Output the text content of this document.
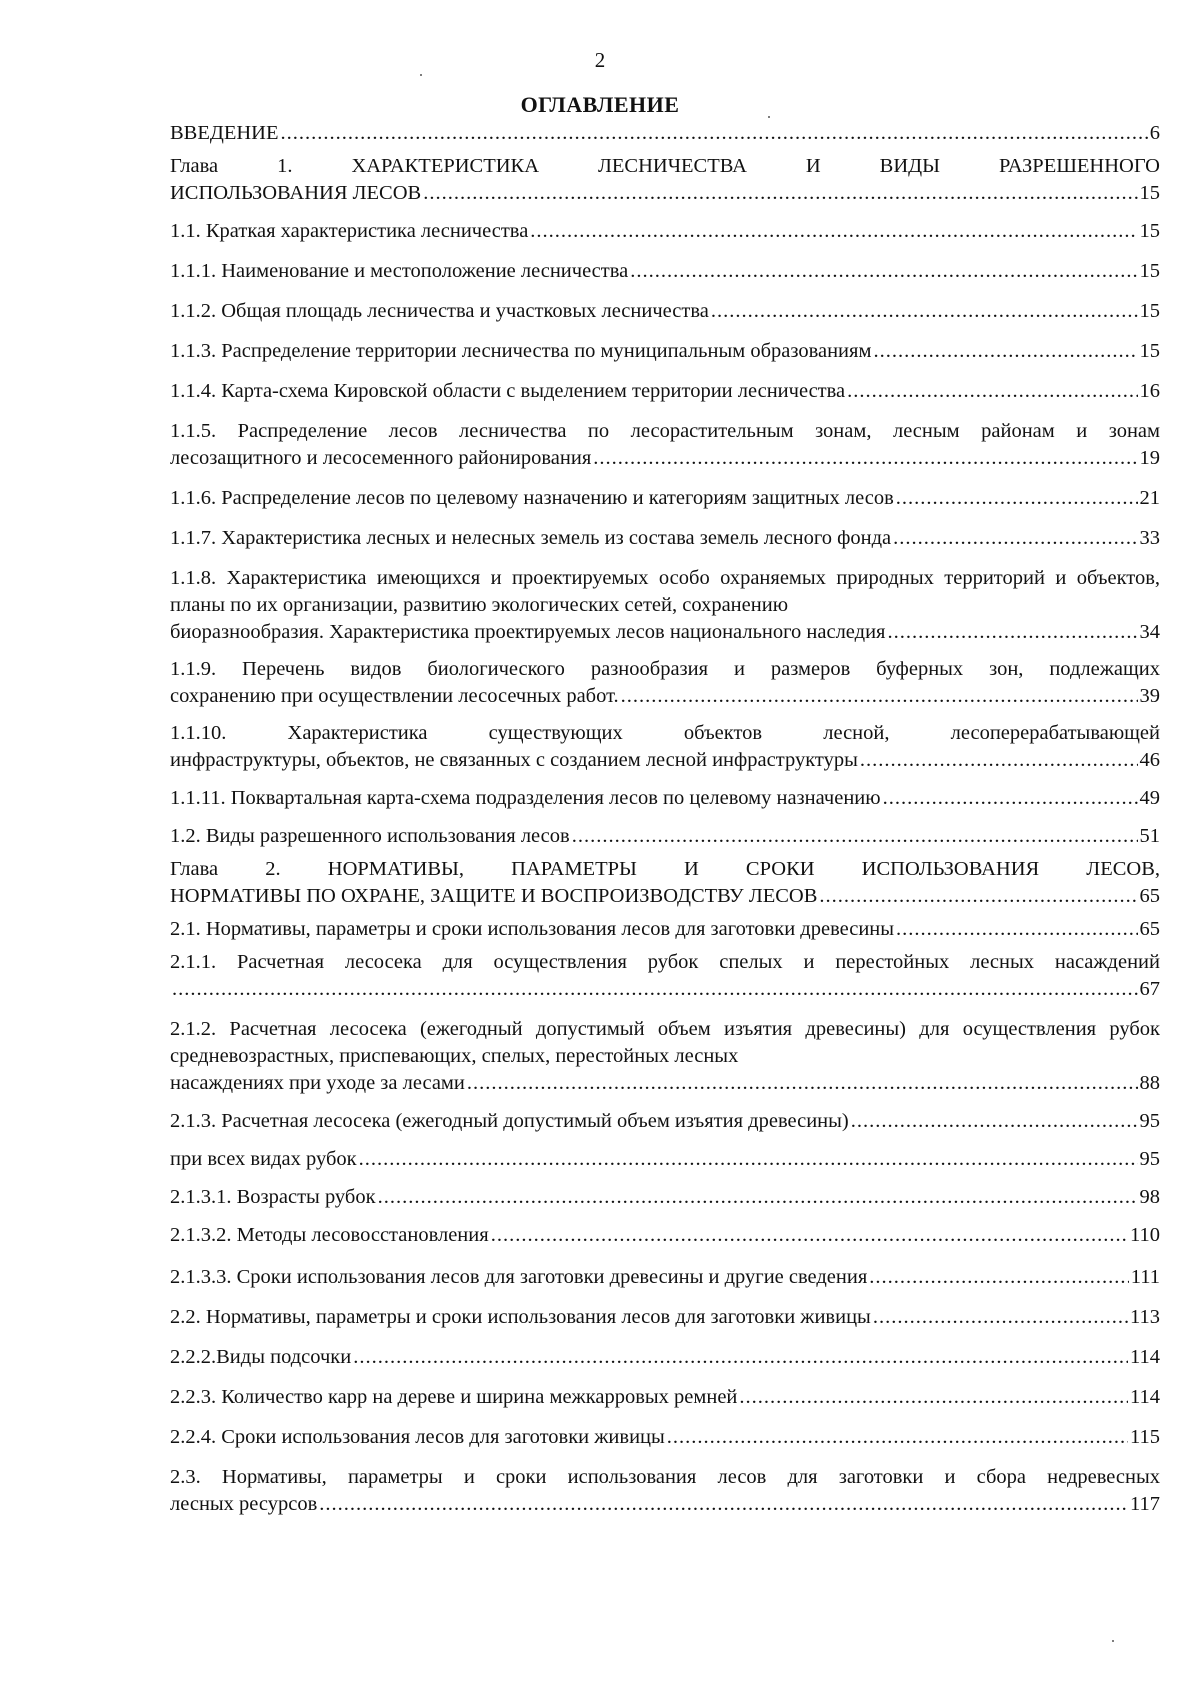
2
ОГЛАВЛЕНИЕ
ВВЕДЕНИЕ .....	6
Глава 1. ХАРАКТЕРИСТИКА ЛЕСНИЧЕСТВА И ВИДЫ РАЗРЕШЕННОГО
ИСПОЛЬЗОВАНИЯ ЛЕСОВ .....	15
1.1. Краткая характеристика лесничества .....	15
1.1.1. Наименование и местоположение лесничества .....	15
1.1.2. Общая площадь лесничества и участковых лесничества .....	15
1.1.3. Распределение территории лесничества по муниципальным образованиям .....	15
1.1.4. Карта-схема Кировской области с выделением территории лесничества .....	16
1.1.5. Распределение лесов лесничества по лесорастительным зонам, лесным районам и зонам
лесозащитного и лесосеменного районирования .....	19
1.1.6. Распределение лесов по целевому назначению и категориям защитных лесов .....	21
1.1.7. Характеристика лесных и нелесных земель из состава земель лесного фонда .....	33
1.1.8. Характеристика имеющихся и проектируемых особо охраняемых природных территорий и объектов, планы по их организации, развитию экологических сетей, сохранению
биоразнообразия. Характеристика проектируемых лесов национального наследия .....	34
1.1.9. Перечень видов биологического разнообразия и размеров буферных зон, подлежащих
сохранению при осуществлении лесосечных работ. .....	39
1.1.10. Характеристика существующих объектов лесной, лесоперерабатывающей
инфраструктуры, объектов, не связанных с созданием лесной инфраструктуры .....	46
1.1.11. Поквартальная карта-схема подразделения лесов по целевому назначению .....	49
1.2. Виды разрешенного использования лесов .....	51
Глава 2. НОРМАТИВЫ, ПАРАМЕТРЫ И СРОКИ ИСПОЛЬЗОВАНИЯ ЛЕСОВ,
НОРМАТИВЫ ПО ОХРАНЕ, ЗАЩИТЕ И ВОСПРОИЗВОДСТВУ ЛЕСОВ .....	65
2.1. Нормативы, параметры и сроки использования лесов для заготовки древесины .....	65
2.1.1. Расчетная лесосека для осуществления рубок спелых и перестойных лесных насаждений
.....
67
2.1.2. Расчетная лесосека (ежегодный допустимый объем изъятия древесины) для осуществления рубок средневозрастных, приспевающих, спелых, перестойных лесных
насаждениях при уходе за лесами .....	88
2.1.3. Расчетная лесосека (ежегодный допустимый объем изъятия древесины) .....	95
при всех видах рубок .....	95
2.1.3.1. Возрасты рубок .....	98
2.1.3.2. Методы лесовосстановления .....	110
2.1.3.3. Сроки использования лесов для заготовки древесины и другие сведения .....	111
2.2. Нормативы, параметры и сроки использования лесов для заготовки живицы .....	113
2.2.2.Виды подсочки .....	114
2.2.3. Количество карр на дереве и ширина межкарровых ремней .....	114
2.2.4. Сроки использования лесов для заготовки живицы .....	115
2.3. Нормативы, параметры и сроки использования лесов для заготовки и сбора недревесных
лесных ресурсов .....	117
